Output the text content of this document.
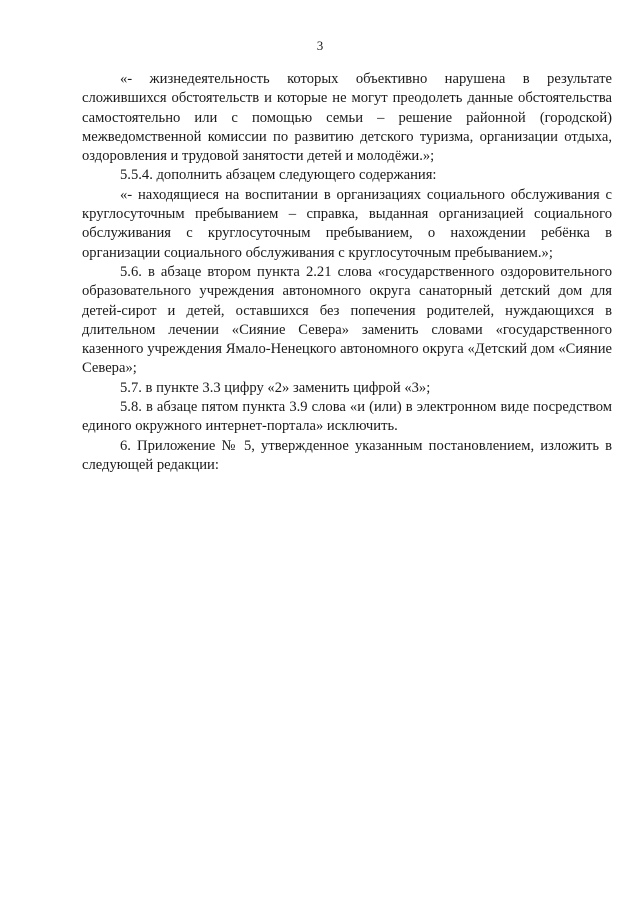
3

«- жизнедеятельность которых объективно нарушена в результате сложившихся обстоятельств и которые не могут преодолеть данные обстоятельства самостоятельно или с помощью семьи – решение районной (городской) межведомственной комиссии по развитию детского туризма, организации отдыха, оздоровления и трудовой занятости детей и молодёжи.»;

5.5.4. дополнить абзацем следующего содержания:

«- находящиеся на воспитании в организациях социального обслуживания с круглосуточным пребыванием – справка, выданная организацией социального обслуживания с круглосуточным пребыванием, о нахождении ребёнка в организации социального обслуживания с круглосуточным пребыванием.»;

5.6. в абзаце втором пункта 2.21 слова «государственного оздоровительного образовательного учреждения автономного округа санаторный детский дом для детей-сирот и детей, оставшихся без попечения родителей, нуждающихся в длительном лечении «Сияние Севера» заменить словами «государственного казенного учреждения Ямало-Ненецкого автономного округа «Детский дом «Сияние Севера»;

5.7. в пункте 3.3 цифру «2» заменить цифрой «3»;

5.8. в абзаце пятом пункта 3.9 слова «и (или) в электронном виде посредством единого окружного интернет-портала» исключить.

6. Приложение № 5, утвержденное указанным постановлением, изложить в следующей редакции:
